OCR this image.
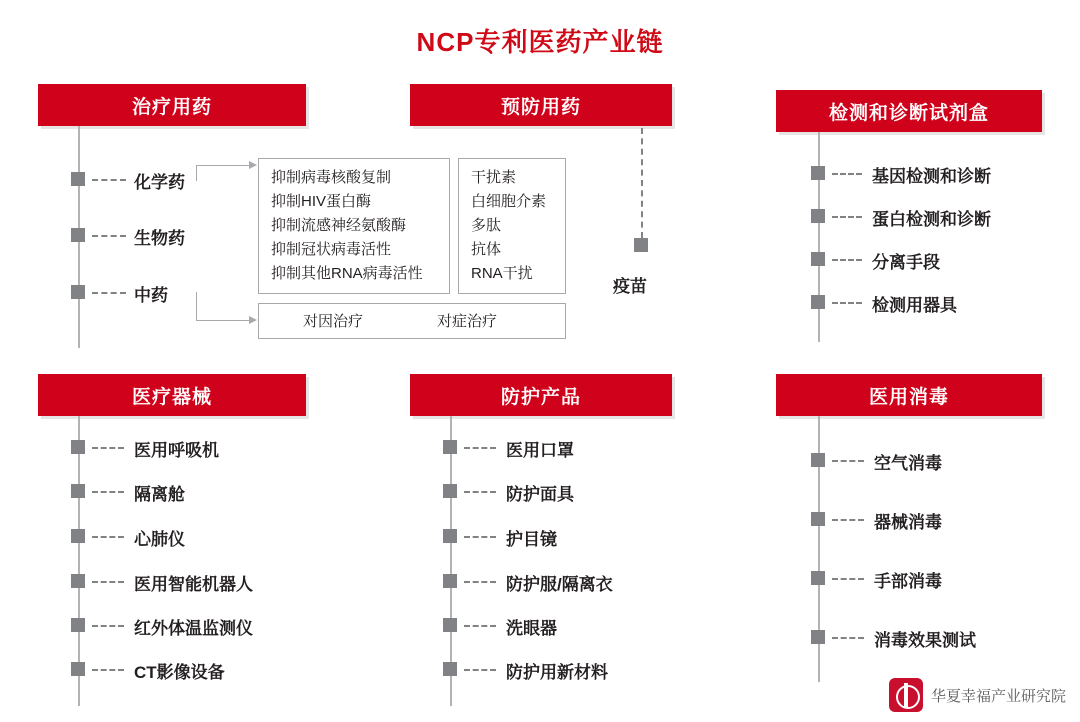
NCP专利医药产业链
治疗用药
化学药
生物药
中药
抑制病毒核酸复制
抑制HIV蛋白酶
抑制流感神经氨酸酶
抑制冠状病毒活性
抑制其他RNA病毒活性
干扰素
白细胞介素
多肽
抗体
RNA干扰
对因治疗	对症治疗
预防用药
疫苗
检测和诊断试剂盒
基因检测和诊断
蛋白检测和诊断
分离手段
检测用器具
医疗器械
医用呼吸机
隔离舱
心肺仪
医用智能机器人
红外体温监测仪
CT影像设备
防护产品
医用口罩
防护面具
护目镜
防护服/隔离衣
洗眼器
防护用新材料
医用消毒
空气消毒
器械消毒
手部消毒
消毒效果测试
华夏幸福产业研究院
